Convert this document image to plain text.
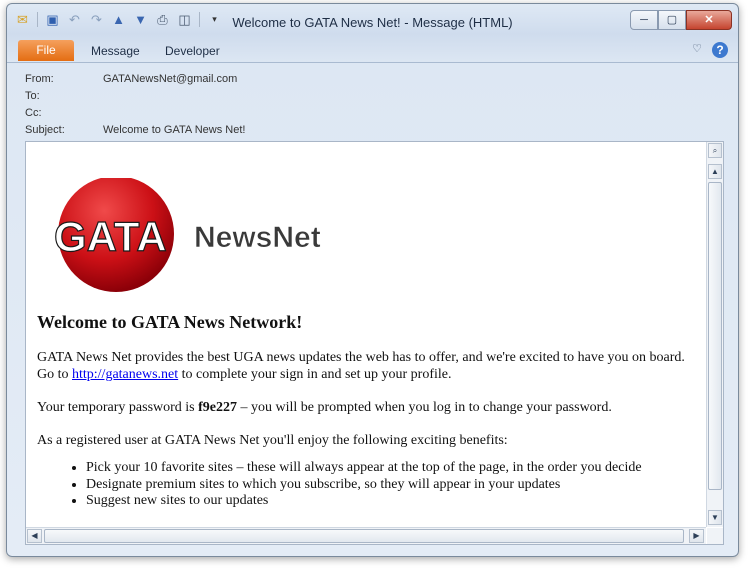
✉ ▣ ↶ ↷ ▲ ▼ ⎙ ◫	▾	Welcome to GATA News Net! - Message (HTML)	─	▢	✕
File	Message Developer	♡	?
From:	GATANewsNet@gmail.com
To:
Cc:
Subject:	Welcome to GATA News Net!
GATA NewsNet
Welcome to GATA News Network!
GATA News Net provides the best UGA news updates the web has to offer, and we're excited to have you on board.
Go to http://gatanews.net to complete your sign in and set up your profile.
Your temporary password is f9e227 – you will be prompted when you log in to change your password.
As a registered user at GATA News Net you'll enjoy the following exciting benefits:
• Pick your 10 favorite sites – these will always appear at the top of the page, in the order you decide
• Designate premium sites to which you subscribe, so they will appear in your updates
• Suggest new sites to our updates
⌕
▲
▼
◀	▶
